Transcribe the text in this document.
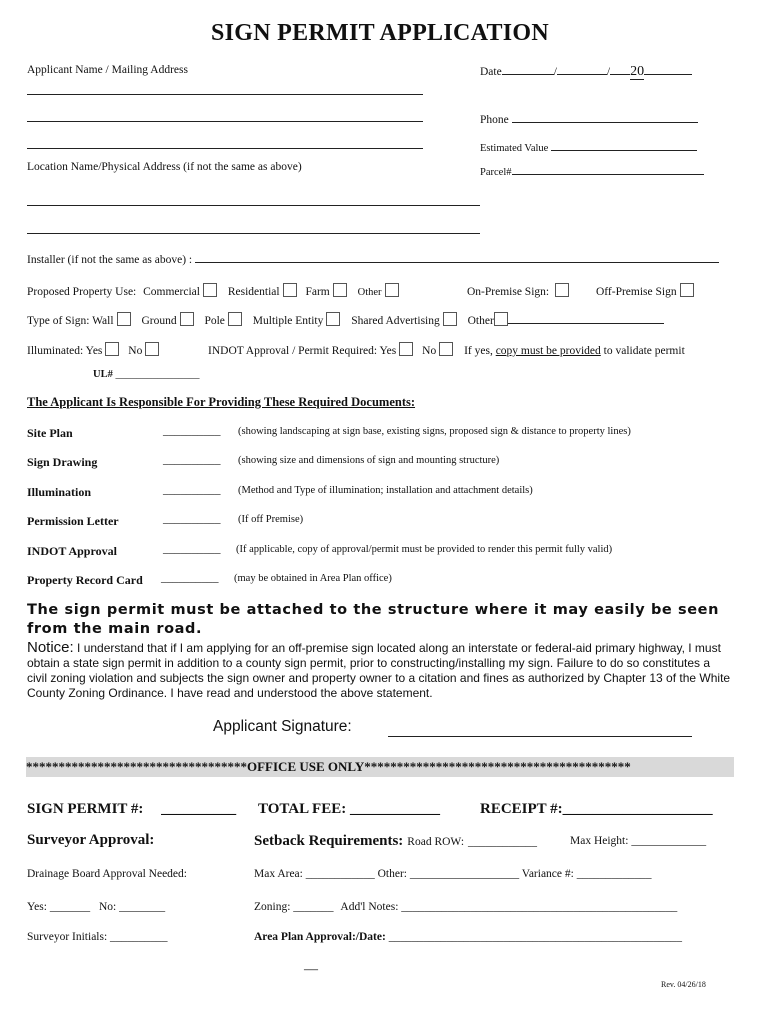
SIGN PERMIT APPLICATION
Applicant Name / Mailing Address	Date	/	/ 20
Phone
Estimated Value
Parcel#
Location Name/Physical Address (if not the same as above)
Installer (if not the same as above) :
Proposed Property Use: Commercial Residential Farm	Other	On-Premise Sign:	Off-Premise Sign
Type of Sign: Wall Ground Pole Multiple Entity Shared Advertising Other
Illuminated: Yes No	INDOT Approval / Permit Required: Yes No If yes, copy must be provided to validate permit
UL# ________________
The Applicant Is Responsible For Providing These Required Documents:
Site Plan	__________ (showing landscaping at sign base, existing signs, proposed sign & distance to property lines)
Sign Drawing	__________ (showing size and dimensions of sign and mounting structure)
Illumination	__________ (Method and Type of illumination; installation and attachment details)
Permission Letter	__________ (If off Premise)
INDOT Approval	__________ (If applicable, copy of approval/permit must be provided to render this permit fully valid)
Property Record Card __________ (may be obtained in Area Plan office)
The sign permit must be attached to the structure where it may easily be seen from the main road.
Notice: I understand that if I am applying for an off-premise sign located along an interstate or federal-aid primary highway, I must obtain a state sign permit in addition to a county sign permit, prior to constructing/installing my sign. Failure to do so constitutes a civil zoning violation and subjects the sign owner and property owner to a citation and fines as authorized by Chapter 13 of the White County Zoning Ordinance. I have read and understood the above statement.
Applicant Signature:
**********************************OFFICE USE ONLY*****************************************
SIGN PERMIT #: __________ TOTAL FEE: ____________	RECEIPT #:____________________
Surveyor Approval:	Setback Requirements: Road ROW: ____________	Max Height: _____________
Drainage Board Approval Needed:	Max Area: ____________ Other: ___________________ Variance #: _____________
Yes: _______ No: ________	Zoning: _______ Add'l Notes: ________________________________________________
Surveyor Initials: __________	Area Plan Approval:/Date: ___________________________________________________
—
Rev. 04/26/18
